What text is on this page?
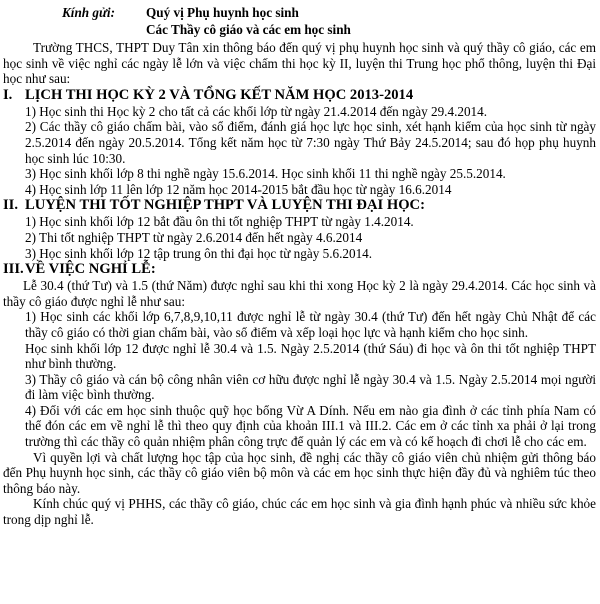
Kính gửi: Quý vị Phụ huynh học sinh
Các Thầy cô giáo và các em học sinh

Trường THCS, THPT Duy Tân xin thông báo đến quý vị phụ huynh học sinh và quý thầy cô giáo, các em học sinh về việc nghỉ các ngày lễ lớn và việc chấm thi học kỳ II, luyện thi Trung học phổ thông, luyện thi Đại học như sau:

I. LỊCH THI HỌC KỲ 2 VÀ TỔNG KẾT NĂM HỌC 2013-2014

1) Học sinh thi Học kỳ 2 cho tất cả các khối lớp từ ngày 21.4.2014 đến ngày 29.4.2014.

2) Các thầy cô giáo chấm bài, vào sổ điểm, đánh giá học lực học sinh, xét hạnh kiểm của học sinh từ ngày 2.5.2014 đến ngày 20.5.2014. Tổng kết năm học từ 7:30 ngày Thứ Bảy 24.5.2014; sau đó họp phụ huynh học sinh lúc 10:30.

3) Học sinh khối lớp 8 thi nghề ngày 15.6.2014. Học sinh khối 11 thi nghề ngày 25.5.2014.

4) Học sinh lớp 11 lên lớp 12 năm học 2014-2015 bắt đầu học từ ngày 16.6.2014

II. LUYỆN THI TỐT NGHIỆP THPT VÀ LUYỆN THI ĐẠI HỌC:

1) Học sinh khối lớp 12 bắt đầu ôn thi tốt nghiệp THPT từ ngày 1.4.2014.

2) Thi tốt nghiệp THPT từ ngày 2.6.2014 đến hết ngày 4.6.2014

3) Học sinh khối lớp 12 tập trung ôn thi đại học từ ngày 5.6.2014.

III.VỀ VIỆC NGHỈ LỄ:

Lễ 30.4 (thứ Tư) và 1.5 (thứ Năm) được nghỉ sau khi thi xong Học kỳ 2 là ngày 29.4.2014. Các học sinh và thầy cô giáo được nghỉ lễ như sau:

1) Học sinh các khối lớp 6,7,8,9,10,11 được nghỉ lễ từ ngày 30.4 (thứ Tư) đến hết ngày Chủ Nhật để các thầy cô giáo có thời gian chấm bài, vào sổ điểm và xếp loại học lực và hạnh kiểm cho học sinh.

Học sinh khối lớp 12 được nghỉ lễ 30.4 và 1.5. Ngày 2.5.2014 (thứ Sáu) đi học và ôn thi tốt nghiệp THPT như bình thường.

3) Thầy cô giáo và cán bộ công nhân viên cơ hữu được nghỉ lễ ngày 30.4 và 1.5. Ngày 2.5.2014 mọi người đi làm việc bình thường.

4) Đối với các em học sinh thuộc quỹ học bổng Vừ A Dính. Nếu em nào gia đình ở các tỉnh phía Nam có thể đón các em về nghỉ lễ thì theo quy định của khoản III.1 và III.2. Các em ở các tỉnh xa phải ở lại trong trường thì các thầy cô quản nhiệm phân công trực để quản lý các em và có kế hoạch đi chơi lễ cho các em.

Vì quyền lợi và chất lượng học tập của học sinh, đề nghị các thầy cô giáo viên chủ nhiệm gửi thông báo đến Phụ huynh học sinh, các thầy cô giáo viên bộ môn và các em học sinh thực hiện đầy đủ và nghiêm túc theo thông báo này.

Kính chúc quý vị PHHS, các thầy cô giáo, chúc các em học sinh và gia đình hạnh phúc và nhiều sức khỏe trong dịp nghỉ lễ.
